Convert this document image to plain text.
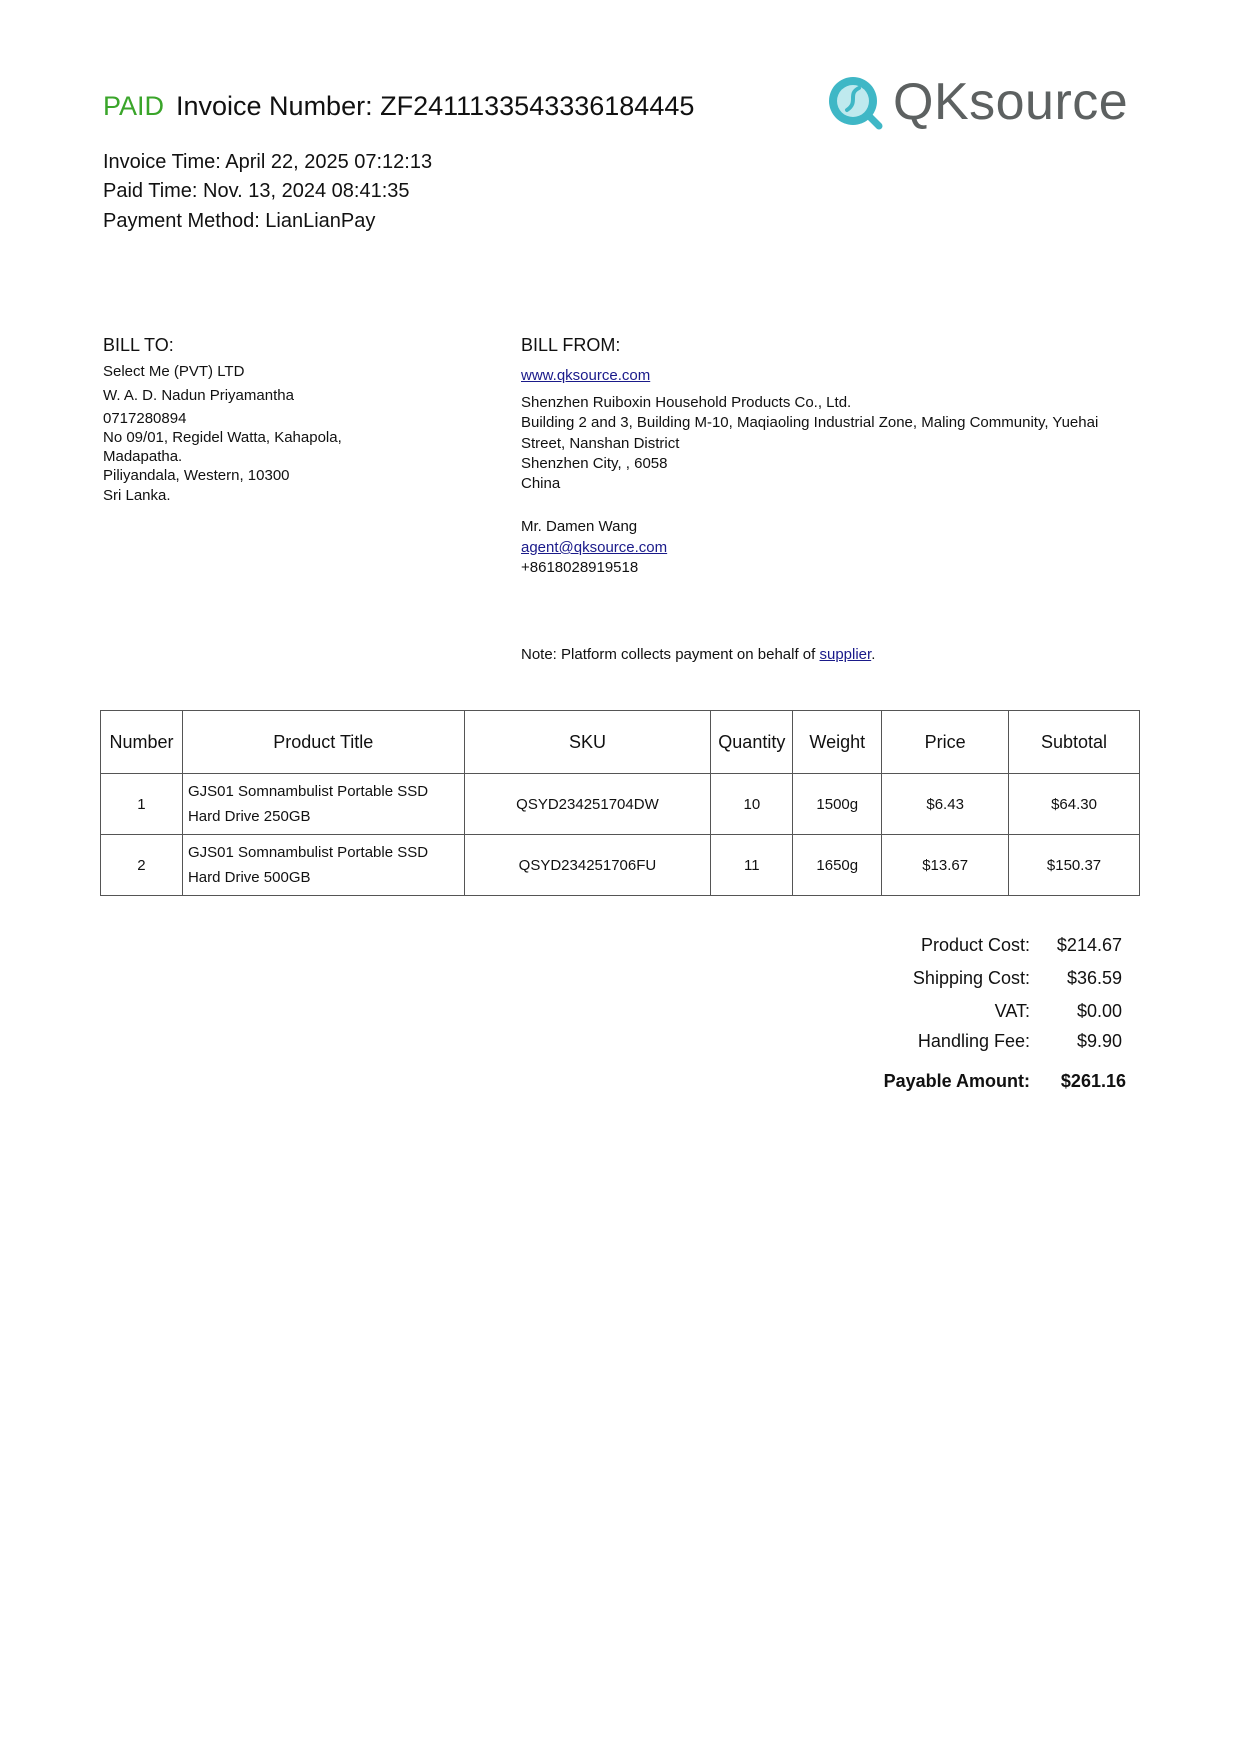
PAID Invoice Number: ZF2411133543336184445
Invoice Time: April 22, 2025 07:12:13
Paid Time: Nov. 13, 2024 08:41:35
Payment Method: LianLianPay
QKsource
BILL TO:
Select Me (PVT) LTD
W. A. D. Nadun Priyamantha
0717280894
No 09/01, Regidel Watta, Kahapola,
Madapatha.
Piliyandala, Western, 10300
Sri Lanka.
BILL FROM:
www.qksource.com
Shenzhen Ruiboxin Household Products Co., Ltd.
Building 2 and 3, Building M-10, Maqiaoling Industrial Zone, Maling Community, Yuehai
Street, Nanshan District
Shenzhen City, , 6058
China
Mr. Damen Wang
agent@qksource.com
+8618028919518
Note: Platform collects payment on behalf of supplier.
Number	Product Title	SKU	Quantity	Weight	Price	Subtotal
1	GJS01 Somnambulist Portable SSD
Hard Drive 250GB	QSYD234251704DW	10	1500g	$6.43	$64.30
2	GJS01 Somnambulist Portable SSD
Hard Drive 500GB	QSYD234251706FU	11	1650g	$13.67	$150.37
Product Cost:	$214.67
Shipping Cost:	$36.59
VAT:	$0.00
Handling Fee:	$9.90
Payable Amount:	$261.16
